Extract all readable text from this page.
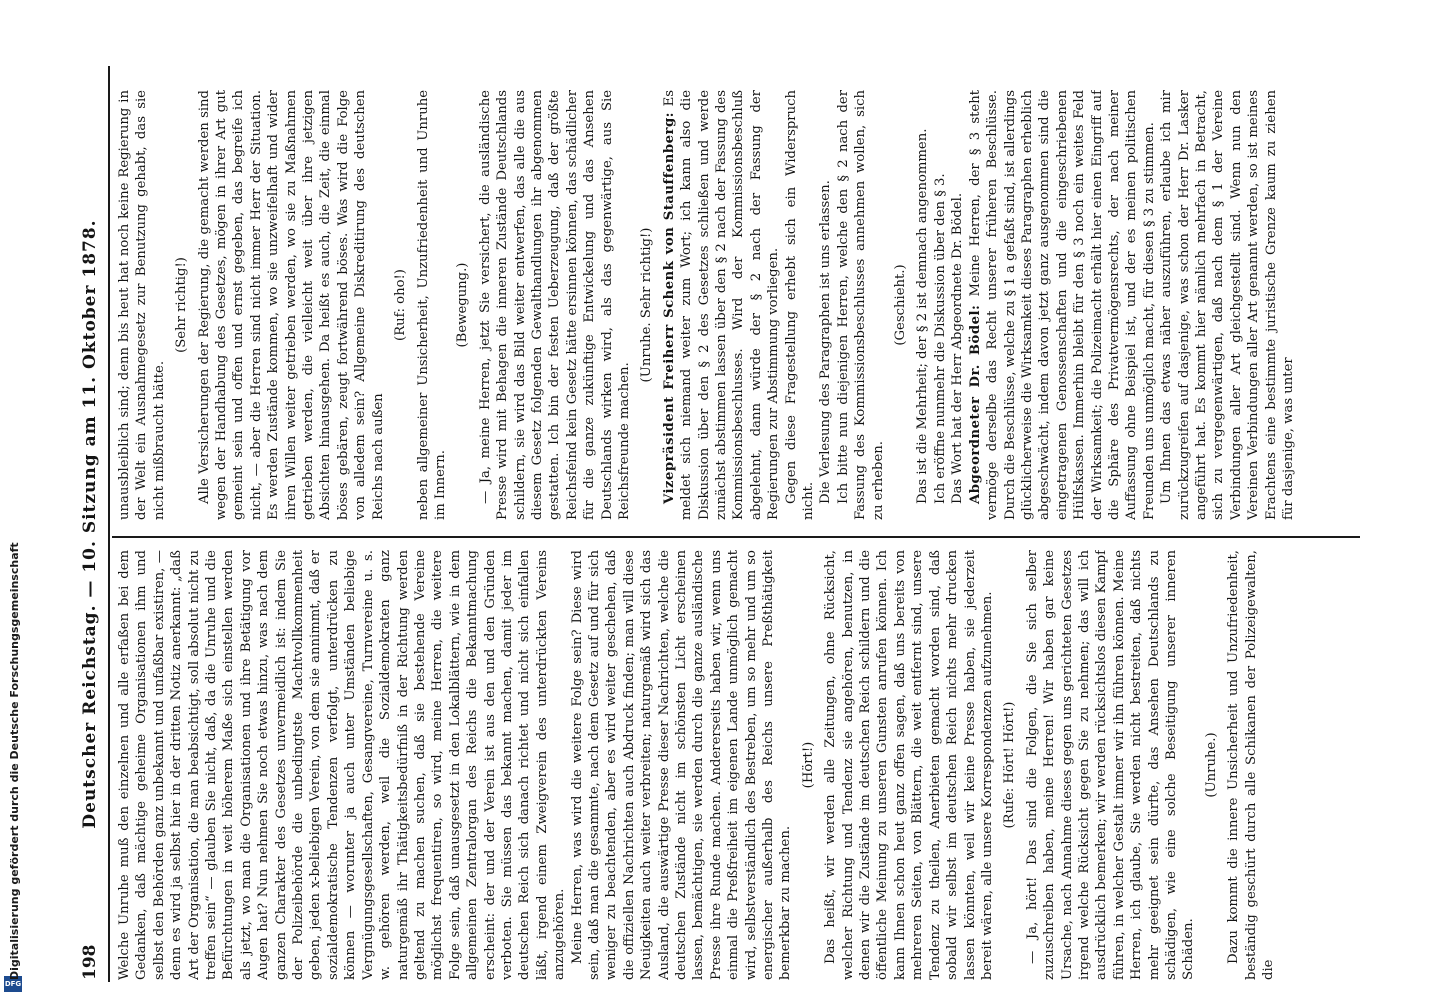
DFG
Digitalisierung gefördert durch die Deutsche Forschungsgemeinschaft	198
Deutscher Reichstag. — 10. Sitzung am 11. Oktober 1878. Welche Unruhe muß den einzelnen und alle erfaßen bei dem Gedanken, daß mächtige geheime Organisationen ihm und selbst den Behörden ganz unbekannt und unfaßbar existiren, — denn es wird ja selbst hier in der dritten Notiz anerkannt: „daß Art der Organisation, die man beabsichtigt, soll absolut nicht zu treffen sein“ — glauben Sie nicht, daß, da die Unruhe und die Befürchtungen in weit höherem Maße sich einstellen werden als jetzt, wo man die Organisationen und ihre Betätigung vor Augen hat? Nun nehmen Sie noch etwas hinzu, was nach dem ganzen Charakter des Gesetzes unvermeidlich ist: indem Sie der Polizeibehörde die unbedingtste Machtvollkommenheit geben, jeden x-beliebigen Verein, von dem sie annimmt, daß er sozialdemokratische Tendenzen verfolgt, unterdrücken zu können — worunter ja auch unter Umständen beliebige Vergnügungsgesellschaften, Gesangvereine, Turnvereine u. s. w. gehören werden, weil die Sozialdemokraten ganz naturgemäß ihr Thätigkeitsbedürfniß in der Richtung werden geltend zu machen suchen, daß sie bestehende Vereine möglichst frequentiren, so wird, meine Herren, die weitere Folge sein, daß unausgesetzt in den Lokalblättern, wie in dem allgemeinen Zentralorgan des Reichs die Bekanntmachung erscheint: der und der Verein ist aus den und den Gründen verboten. Sie müssen das bekannt machen, damit jeder im deutschen Reich sich danach richtet und nicht sich einfallen läßt, irgend einem Zweigverein des unterdrückten Vereins anzugehören. Meine Herren, was wird die weitere Folge sein? Diese wird sein, daß man die gesammte, nach dem Gesetz auf und für sich weniger zu beachtenden, aber es wird weiter geschehen, daß die offiziellen Nachrichten auch Abdruck finden; man will diese Neuigkeiten auch weiter verbreiten; naturgemäß wird sich das Ausland, die auswärtige Presse dieser Nachrichten, welche die deutschen Zustände nicht im schönsten Licht erscheinen lassen, bemächtigen, sie werden durch die ganze ausländische Presse ihre Runde machen. Andererseits haben wir, wenn uns einmal die Preßfreiheit im eigenen Lande unmöglich gemacht wird, selbstverständlich des Bestreben, um so mehr und um so energischer außerhalb des Reichs unsere Preßthätigkeit bemerkbar zu machen.

(Hört!) Das heißt, wir werden alle Zeitungen, ohne Rücksicht, welcher Richtung und Tendenz sie angehören, benutzen, in denen wir die Zustände im deutschen Reich schildern und die öffentliche Meinung zu unseren Gunsten anrufen können. Ich kann Ihnen schon heut ganz offen sagen, daß uns bereits von mehreren Seiten, von Blättern, die weit entfernt sind, unsere Tendenz zu theilen, Anerbieten gemacht worden sind, daß sobald wir selbst im deutschen Reich nichts mehr drucken lassen könnten, weil wir keine Presse haben, sie jederzeit bereit wären, alle unsere Korrespondenzen aufzunehmen. (Rufe: Hört! Hört!) — Ja, hört! Das sind die Folgen, die Sie sich selber zuzuschreiben haben, meine Herren! Wir haben gar keine Ursache, nach Annahme dieses gegen uns gerichteten Gesetzes irgend welche Rücksicht gegen Sie zu nehmen; das will ich ausdrücklich bemerken; wir werden rücksichtslos diesen Kampf führen, in welcher Gestalt immer wir ihn führen können. Meine Herren, ich glaube, Sie werden nicht bestreiten, daß nichts mehr geeignet sein dürfte, das Ansehen Deutschlands zu schädigen, wie eine solche Beseitigung unserer inneren Schäden.

(Unruhe.) Dazu kommt die innere Unsicherheit und Unzufriedenheit, beständig geschürt durch alle Schikanen der Polizeigewalten, die

unausbleiblich sind; denn bis heut hat noch keine Regierung in der Welt ein Ausnahmegesetz zur Benutzung gehabt, das sie nicht mißbraucht hätte.

(Sehr richtig!) Alle Versicherungen der Regierung, die gemacht werden sind wegen der Handhabung des Gesetzes, mögen in ihrer Art gut gemeint sein und offen und ernst gegeben, das begreife ich nicht, — aber die Herren sind nicht immer Herr der Situation. Es werden Zustände kommen, wo sie unzweifelhaft und wider ihren Willen weiter getrieben werden, wo sie zu Maßnahmen getrieben werden, die vielleicht weit über ihre jetzigen Absichten hinausgehen. Da heißt es auch, die Zeit, die einmal böses gebären, zeugt fortwährend böses. Was wird die Folge von alledem sein? Allgemeine Diskreditirung des deutschen Reichs nach außen

(Ruf: oho!) neben allgemeiner Unsicherheit, Unzufriedenheit und Unruhe im Innern.

(Bewegung.) — Ja, meine Herren, jetzt Sie versichert, die ausländische Presse wird mit Behagen die inneren Zustände Deutschlands schildern, sie wird das Bild weiter entwerfen, das alle die aus diesem Gesetz folgenden Gewalthandlungen ihr abgenommen gestatten. Ich bin der festen Ueberzeugung, daß der größte Reichsfeind kein Gesetz hätte ersinnen können, das schädlicher für die ganze zukünftige Entwickelung und das Ansehen Deutschlands wirken wird, als das gegenwärtige, aus Sie Reichsfreunde machen.

(Unruhe. Sehr richtig!) Vizepräsident Freiherr Schenk von Stauffenberg: Es meldet sich niemand weiter zum Wort; ich kann also die Diskussion über den § 2 des Gesetzes schließen und werde zunächst abstimmen lassen über den § 2 nach der Fassung des Kommissionsbeschlusses. Wird der Kommissionsbeschluß abgelehnt, dann würde der § 2 nach der Fassung der Regierungen zur Abstimmung vorliegen. Gegen diese Fragestellung erhebt sich ein Widerspruch nicht. Die Verlesung des Paragraphen ist uns erlassen. Ich bitte nun diejenigen Herren, welche den § 2 nach der Fassung des Kommissionsbeschlusses annehmen wollen, sich zu erheben.

(Geschieht.) Das ist die Mehrheit; der § 2 ist demnach angenommen. Ich eröffne nunmehr die Diskussion über den § 3. Das Wort hat der Herr Abgeordnete Dr. Bödel. Abgeordneter Dr. Bödel: Meine Herren, der § 3 steht vermöge derselbe das Recht unserer früheren Beschlüsse. Durch die Beschlüsse, welche zu § 1 a gefaßt sind, ist allerdings glücklicherweise die Wirksamkeit dieses Paragraphen erheblich abgeschwächt, indem davon jetzt ganz ausgenommen sind die eingetragenen Genossenschaften und die eingeschriebenen Hülfskassen. Immerhin bleibt für den § 3 noch ein weites Feld der Wirksamkeit; die Polizeimacht erhält hier einen Eingriff auf die Sphäre des Privatvermögensrechts, der nach meiner Auffassung ohne Beispiel ist, und der es meinen politischen Freunden uns unmöglich macht, für diesen § 3 zu stimmen. Um Ihnen das etwas näher auszuführen, erlaube ich mir zurückzugreifen auf dasjenige, was schon der Herr Dr. Lasker angeführt hat. Es kommt hier nämlich mehrfach in Betracht, sich zu vergegenwärtigen, daß nach dem § 1 der Vereine Verbindungen aller Art gleichgestellt sind. Wenn nun den Vereinen Verbindungen aller Art genannt werden, so ist meines Erachtens eine bestimmte juristische Grenze kaum zu ziehen für dasjenige, was unter
